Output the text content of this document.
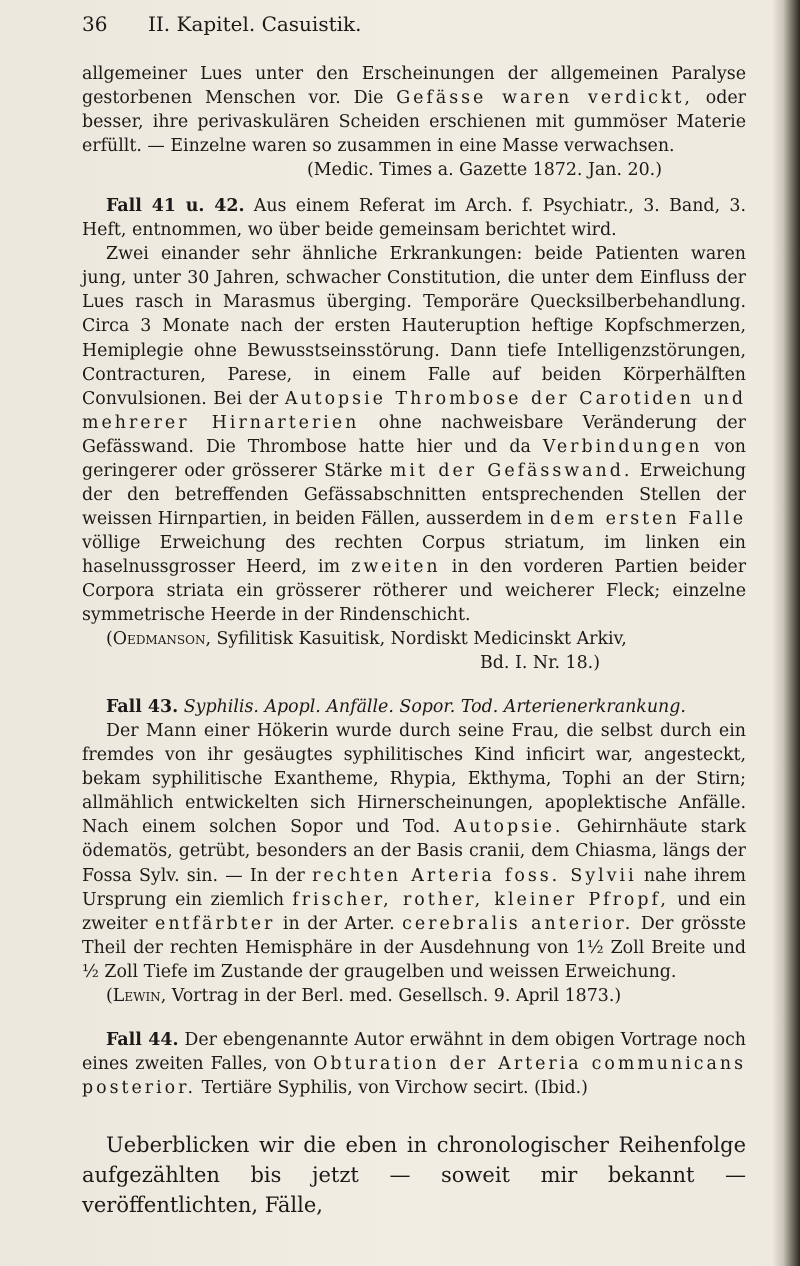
36 II. Kapitel. Casuistik.

allgemeiner Lues unter den Erscheinungen der allgemeinen Paralyse gestorbenen Menschen vor. Die Gefässe waren verdickt, oder besser, ihre perivaskulären Scheiden erschienen mit gummöser Materie erfüllt. — Einzelne waren so zusammen in eine Masse verwachsen.

(Medic. Times a. Gazette 1872. Jan. 20.)

Fall 41 u. 42. Aus einem Referat im Arch. f. Psychiatr., 3. Band, 3. Heft, entnommen, wo über beide gemeinsam berichtet wird.

Zwei einander sehr ähnliche Erkrankungen: beide Patienten waren jung, unter 30 Jahren, schwacher Constitution, die unter dem Einfluss der Lues rasch in Marasmus überging. Temporäre Quecksilberbehandlung. Circa 3 Monate nach der ersten Hauteruption heftige Kopfschmerzen, Hemiplegie ohne Bewusstseinsstörung. Dann tiefe Intelligenzstörungen, Contracturen, Parese, in einem Falle auf beiden Körperhälften Convulsionen. Bei der Autopsie Thrombose der Carotiden und mehrerer Hirnarterien ohne nachweisbare Veränderung der Gefässwand. Die Thrombose hatte hier und da Verbindungen von geringerer oder grösserer Stärke mit der Gefässwand. Erweichung der den betreffenden Gefässabschnitten entsprechenden Stellen der weissen Hirnpartien, in beiden Fällen, ausserdem in dem ersten Falle völlige Erweichung des rechten Corpus striatum, im linken ein haselnussgrosser Heerd, im zweiten in den vorderen Partien beider Corpora striata ein grösserer rötherer und weicherer Fleck; einzelne symmetrische Heerde in der Rindenschicht.

(Oedmanson, Syfilitisk Kasuitisk, Nordiskt Medicinskt Arkiv,

Bd. I. Nr. 18.)

Fall 43. Syphilis. Apopl. Anfälle. Sopor. Tod. Arterienerkrankung.

Der Mann einer Hökerin wurde durch seine Frau, die selbst durch ein fremdes von ihr gesäugtes syphilitisches Kind inficirt war, angesteckt, bekam syphilitische Exantheme, Rhypia, Ekthyma, Tophi an der Stirn; allmählich entwickelten sich Hirnerscheinungen, apoplektische Anfälle. Nach einem solchen Sopor und Tod. Autopsie. Gehirnhäute stark ödematös, getrübt, besonders an der Basis cranii, dem Chiasma, längs der Fossa Sylv. sin. — In der rechten Arteria foss. Sylvii nahe ihrem Ursprung ein ziemlich frischer, rother, kleiner Pfropf, und ein zweiter entfärbter in der Arter. cerebralis anterior. Der grösste Theil der rechten Hemisphäre in der Ausdehnung von 1½ Zoll Breite und ½ Zoll Tiefe im Zustande der graugelben und weissen Erweichung.

(Lewin, Vortrag in der Berl. med. Gesellsch. 9. April 1873.)

Fall 44. Der ebengenannte Autor erwähnt in dem obigen Vortrage noch eines zweiten Falles, von Obturation der Arteria communicans posterior. Tertiäre Syphilis, von Virchow secirt. (Ibid.)

Ueberblicken wir die eben in chronologischer Reihenfolge aufgezählten bis jetzt — soweit mir bekannt — veröffentlichten, Fälle,
